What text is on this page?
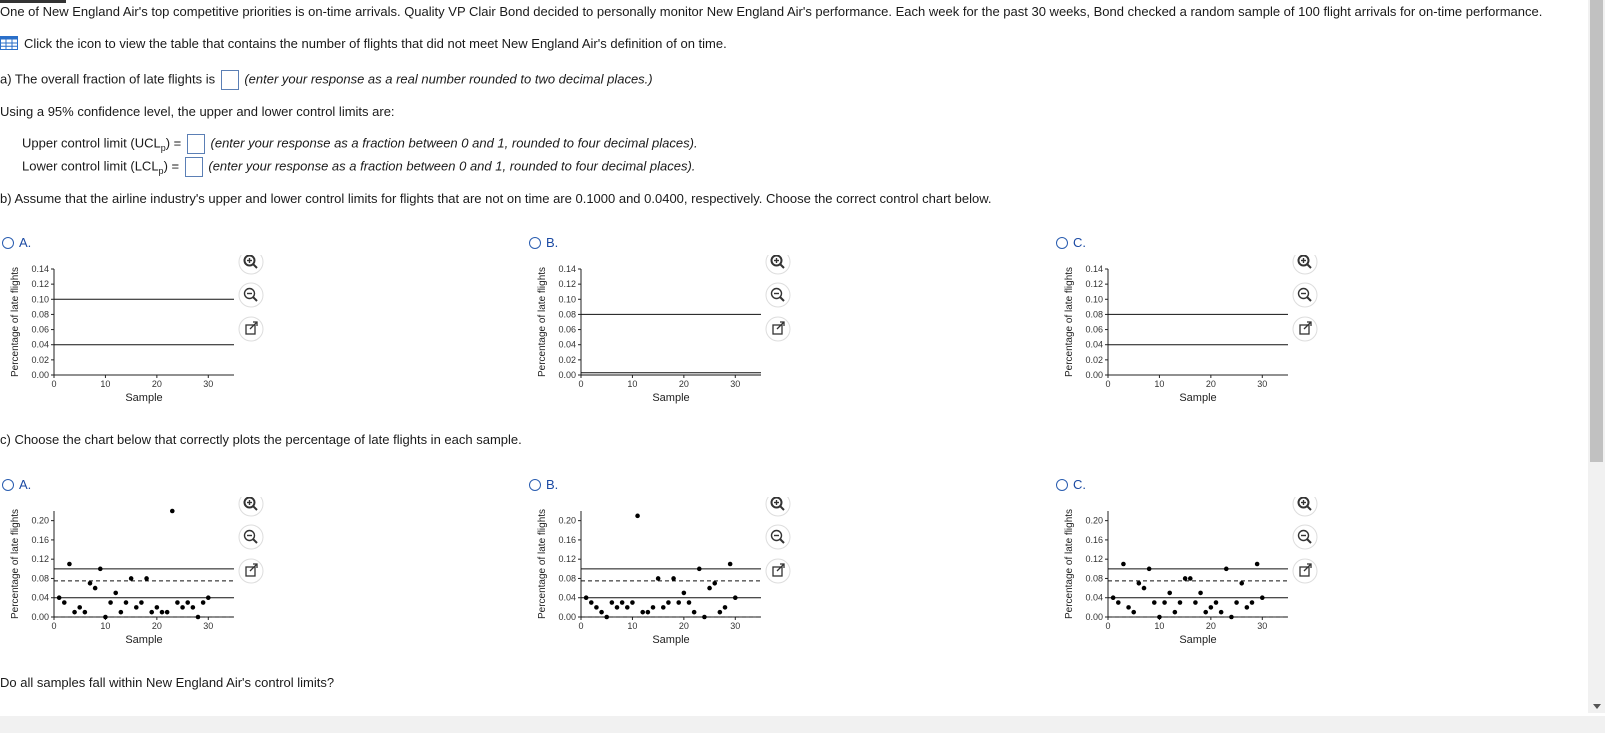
One of New England Air's top competitive priorities is on-time arrivals. Quality VP Clair Bond decided to personally monitor New England Air's performance. Each week for the past 30 weeks, Bond checked a random sample of 100 flight arrivals for on-time performance.
Click the icon to view the table that contains the number of flights that did not meet New England Air's definition of on time.
a) The overall fraction of late flights is (enter your response as a real number rounded to two decimal places.)
Using a 95% confidence level, the upper and lower control limits are:
Upper control limit $(UCL_p)$ = (enter your response as a fraction between 0 and 1, rounded to four decimal places).
Lower control limit $(LCL_p)$ = (enter your response as a fraction between 0 and 1, rounded to four decimal places).
b) Assume that the airline industry's upper and lower control limits for flights that are not on time are 0.1000 and 0.0400, respectively. Choose the correct control chart below.
A.	B.	C.
0.00
0.02
0.04
0.06
0.08
0.10
0.12
0.14
0	10	20	30
Sample
Percentage of late flights	0.00
0.02
0.04
0.06
0.08
0.10
0.12
0.14
0	10	20	30
Sample
Percentage of late flights	0.00
0.02
0.04
0.06
0.08
0.10
0.12
0.14
0	10	20	30
Sample
Percentage of late flights
c) Choose the chart below that correctly plots the percentage of late flights in each sample.
A.	B.	C.
0.00
0.04
0.08
0.12
0.16
0.20
0	10	20	30
Sample
Percentage of late flights	0.00
0.04
0.08
0.12
0.16
0.20
0	10	20	30
Sample
Percentage of late flights	0.00
0.04
0.08
0.12
0.16
0.20
0	10	20	30
Sample
Percentage of late flights
Do all samples fall within New England Air's control limits?
